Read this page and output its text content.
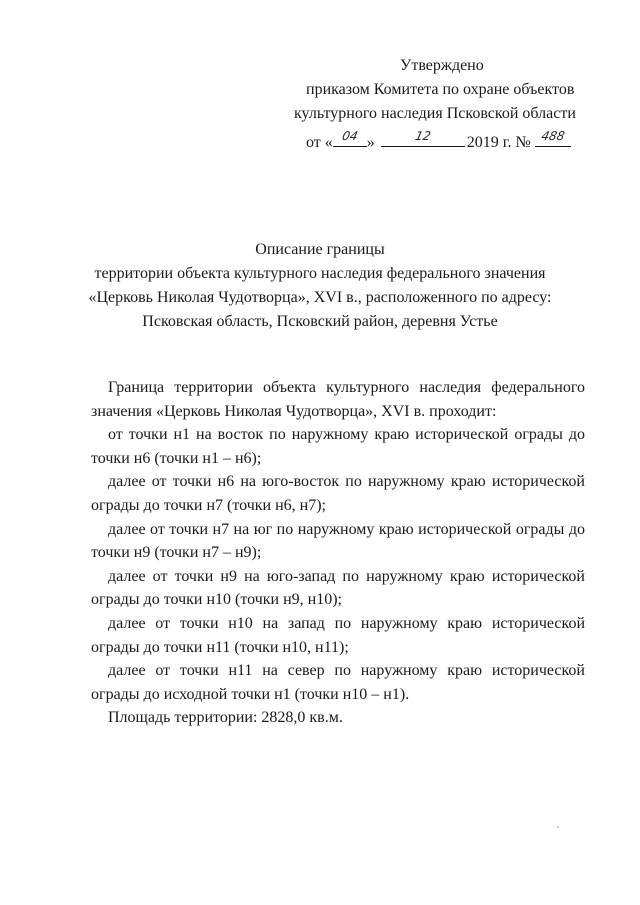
Утверждено
приказом Комитета по охране объектов
культурного наследия Псковской области
от « 04 »	12	2019 г. № 488
Описание границы
территории объекта культурного наследия федерального значения
«Церковь Николая Чудотворца», XVI в., расположенного по адресу:
Псковская область, Псковский район, деревня Устье
Граница территории объекта культурного наследия федерального значения «Церковь Николая Чудотворца», XVI в. проходит:
от точки н1 на восток по наружному краю исторической ограды до точки н6 (точки н1 – н6);
далее от точки н6 на юго-восток по наружному краю исторической ограды до точки н7 (точки н6, н7);
далее от точки н7 на юг по наружному краю исторической ограды до точки н9 (точки н7 – н9);
далее от точки н9 на юго-запад по наружному краю исторической ограды до точки н10 (точки н9, н10);
далее от точки н10 на запад по наружному краю исторической ограды до точки н11 (точки н10, н11);
далее от точки н11 на север по наружному краю исторической ограды до исходной точки н1 (точки н10 – н1).
Площадь территории: 2828,0 кв.м.
